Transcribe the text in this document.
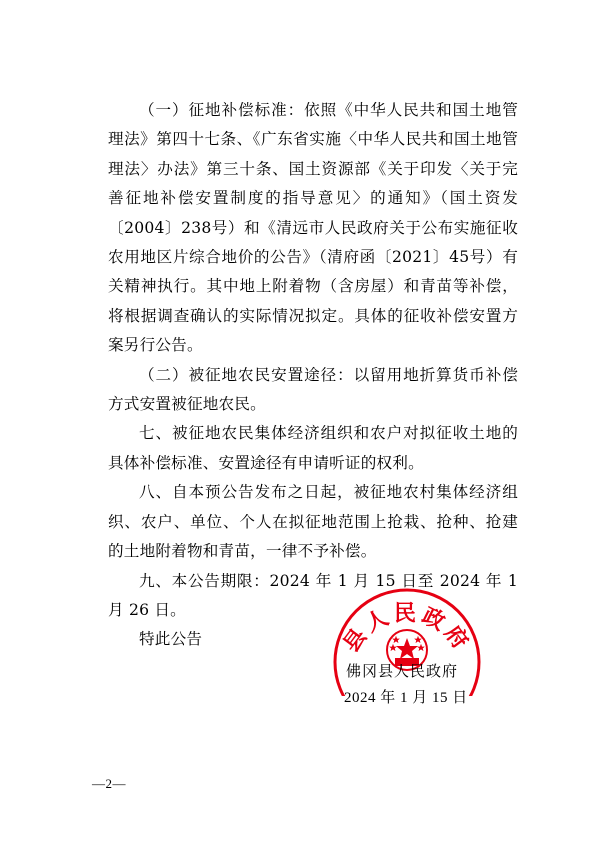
（一）征地补偿标准：依照《中华人民共和国土地管理法》第四十七条、《广东省实施〈中华人民共和国土地管理法〉办法》第三十条、国土资源部《关于印发〈关于完善征地补偿安置制度的指导意见〉的通知》（国土资发〔2004〕238号）和《清远市人民政府关于公布实施征收农用地区片综合地价的公告》（清府函〔2021〕45号）有关精神执行。其中地上附着物（含房屋）和青苗等补偿，将根据调查确认的实际情况拟定。具体的征收补偿安置方案另行公告。

（二）被征地农民安置途径：以留用地折算货币补偿方式安置被征地农民。

七、被征地农民集体经济组织和农户对拟征收土地的具体补偿标准、安置途径有申请听证的权利。

八、自本预公告发布之日起，被征地农村集体经济组织、农户、单位、个人在拟征地范围上抢栽、抢种、抢建的土地附着物和青苗，一律不予补偿。

九、本公告期限：2024 年 1 月 15 日至 2024 年 1 月 26 日。

特此公告	县人民政府
佛冈县人民政府
2024 年 1 月 15 日
—2—
